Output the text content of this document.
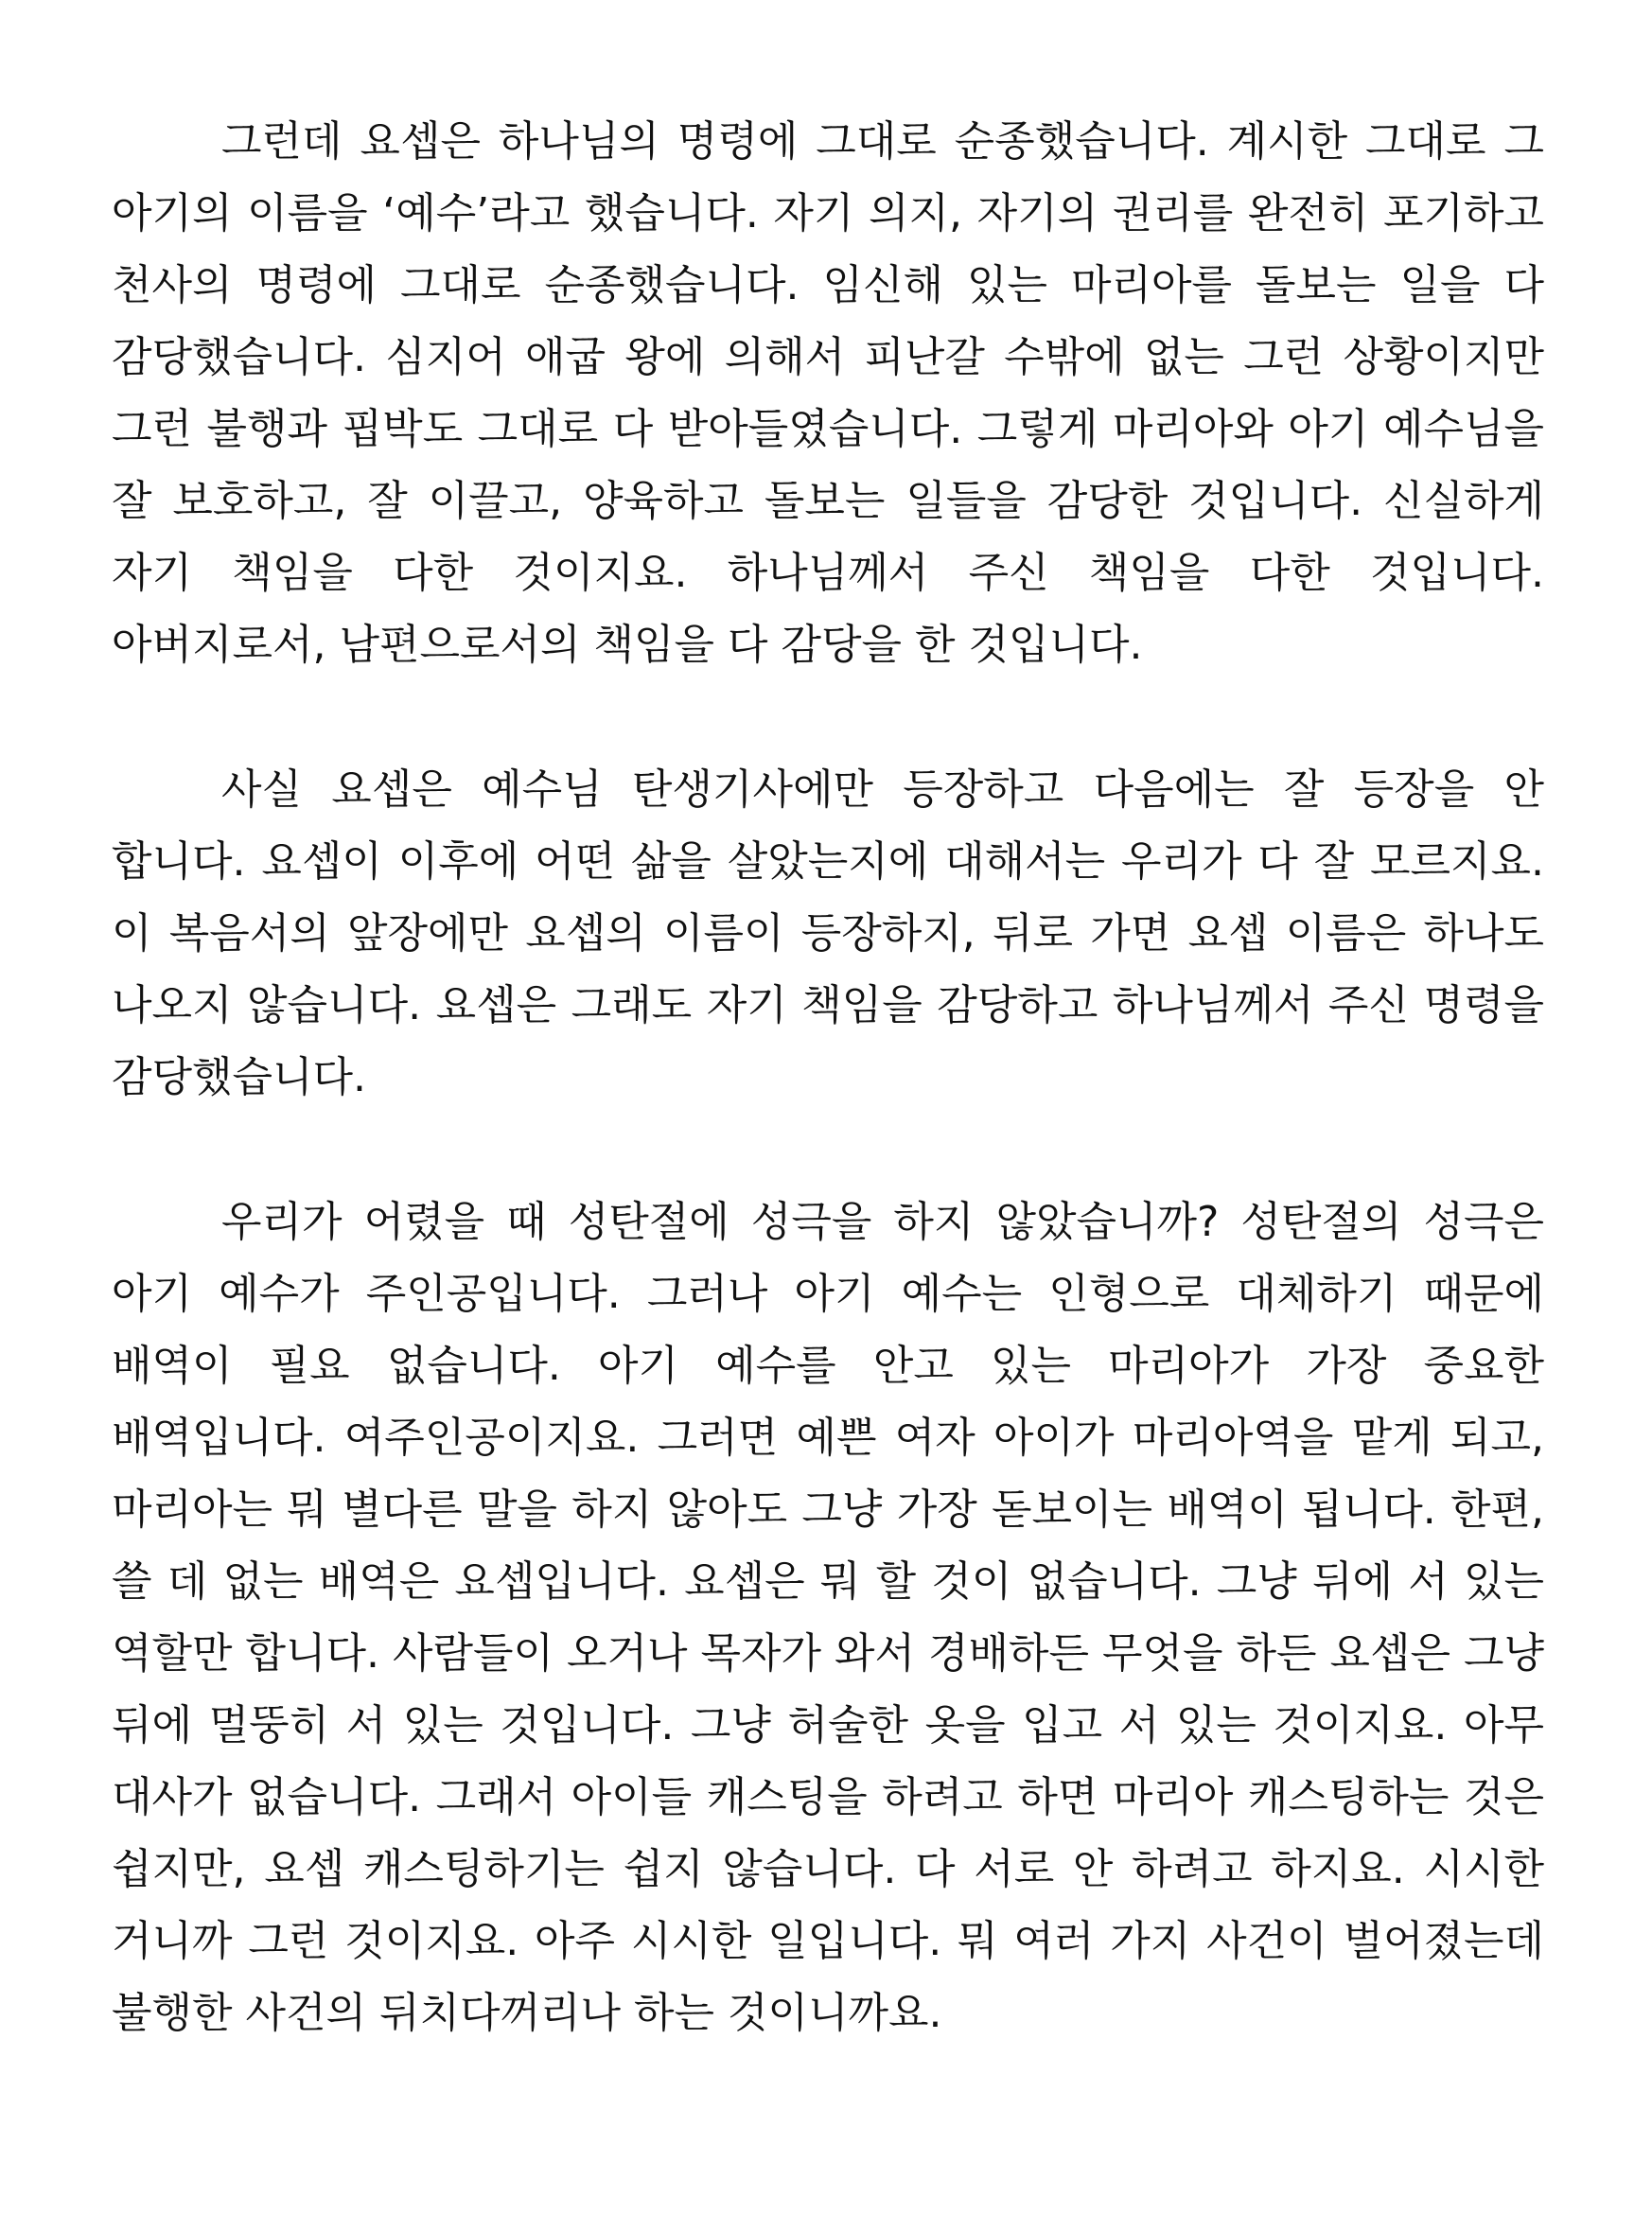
그런데 요셉은 하나님의 명령에 그대로 순종했습니다. 계시한 그대로 그 아기의 이름을 ‘예수’라고 했습니다. 자기 의지, 자기의 권리를 완전히 포기하고 천사의 명령에 그대로 순종했습니다. 임신해 있는 마리아를 돌보는 일을 다 감당했습니다. 심지어 애굽 왕에 의해서 피난갈 수밖에 없는 그런 상황이지만 그런 불행과 핍박도 그대로 다 받아들였습니다. 그렇게 마리아와 아기 예수님을 잘 보호하고, 잘 이끌고, 양육하고 돌보는 일들을 감당한 것입니다. 신실하게 자기 책임을 다한 것이지요. 하나님께서 주신 책임을 다한 것입니다. 아버지로서, 남편으로서의 책임을 다 감당을 한 것입니다.

사실 요셉은 예수님 탄생기사에만 등장하고 다음에는 잘 등장을 안 합니다. 요셉이 이후에 어떤 삶을 살았는지에 대해서는 우리가 다 잘 모르지요. 이 복음서의 앞장에만 요셉의 이름이 등장하지, 뒤로 가면 요셉 이름은 하나도 나오지 않습니다. 요셉은 그래도 자기 책임을 감당하고 하나님께서 주신 명령을 감당했습니다.

우리가 어렸을 때 성탄절에 성극을 하지 않았습니까? 성탄절의 성극은 아기 예수가 주인공입니다. 그러나 아기 예수는 인형으로 대체하기 때문에 배역이 필요 없습니다. 아기 예수를 안고 있는 마리아가 가장 중요한 배역입니다. 여주인공이지요. 그러면 예쁜 여자 아이가 마리아역을 맡게 되고, 마리아는 뭐 별다른 말을 하지 않아도 그냥 가장 돋보이는 배역이 됩니다. 한편, 쓸 데 없는 배역은 요셉입니다. 요셉은 뭐 할 것이 없습니다. 그냥 뒤에 서 있는 역할만 합니다. 사람들이 오거나 목자가 와서 경배하든 무엇을 하든 요셉은 그냥 뒤에 멀뚱히 서 있는 것입니다. 그냥 허술한 옷을 입고 서 있는 것이지요. 아무 대사가 없습니다. 그래서 아이들 캐스팅을 하려고 하면 마리아 캐스팅하는 것은 쉽지만, 요셉 캐스팅하기는 쉽지 않습니다. 다 서로 안 하려고 하지요. 시시한 거니까 그런 것이지요. 아주 시시한 일입니다. 뭐 여러 가지 사건이 벌어졌는데 불행한 사건의 뒤치다꺼리나 하는 것이니까요.
